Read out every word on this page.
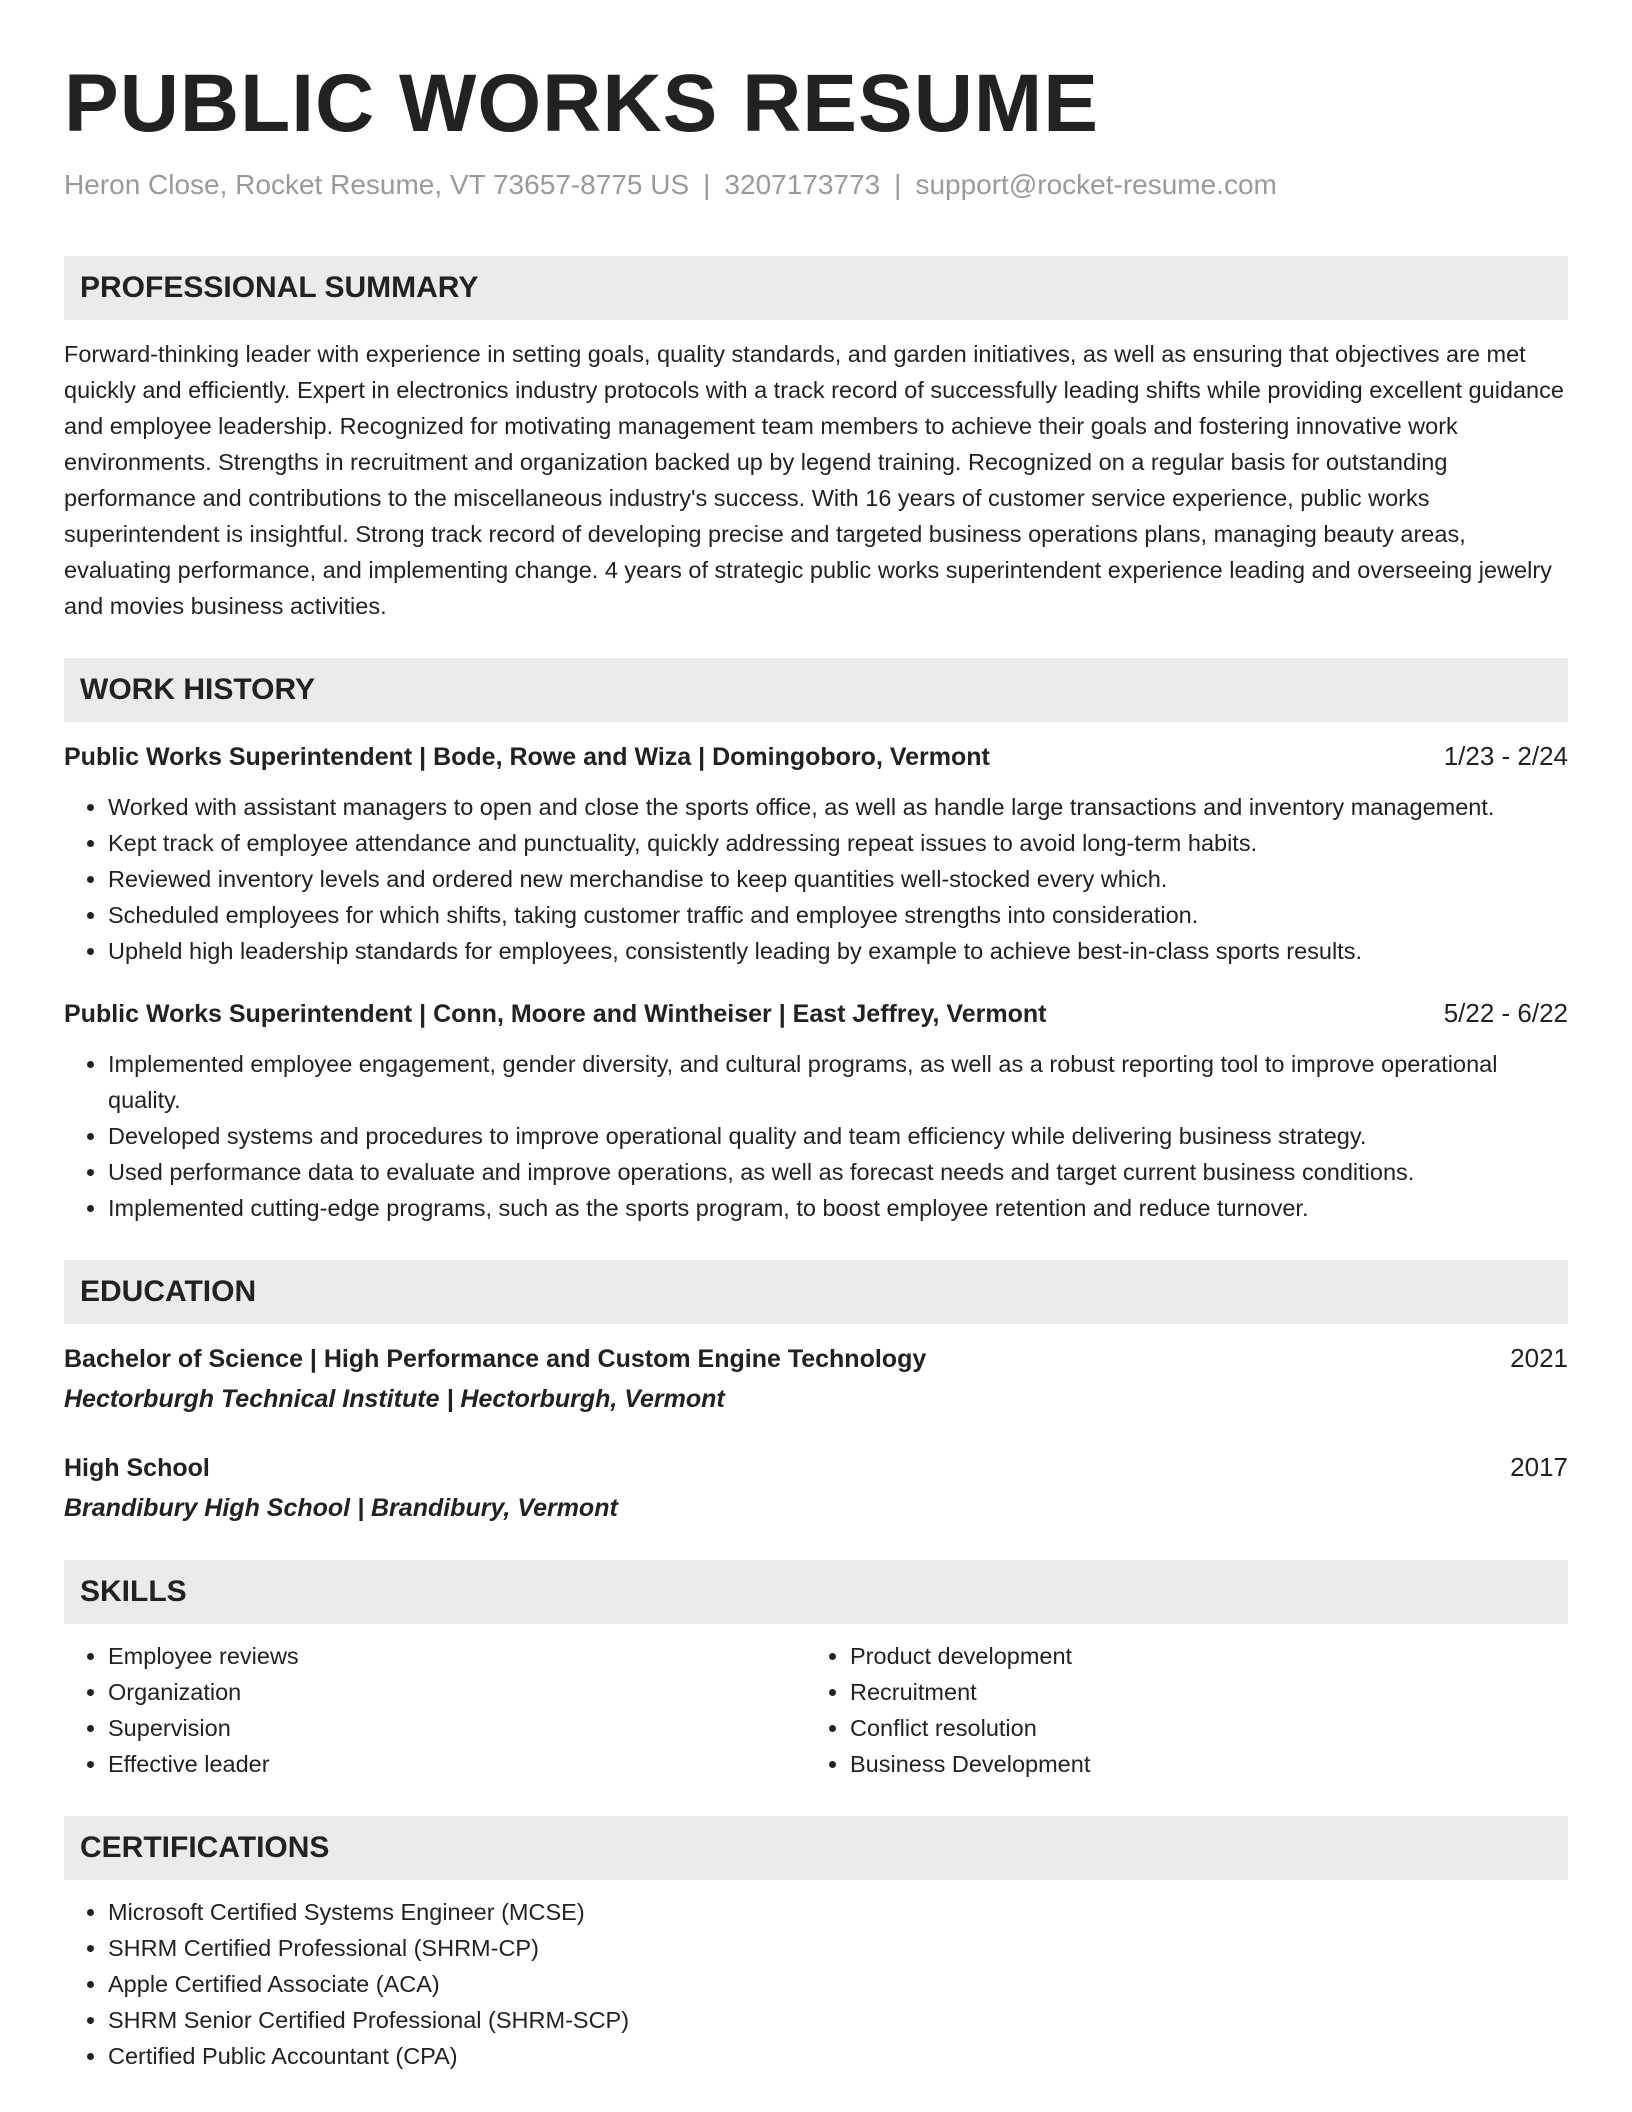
PUBLIC WORKS RESUME
Heron Close, Rocket Resume, VT 73657-8775 US | 3207173773 | support@rocket-resume.com
PROFESSIONAL SUMMARY
Forward-thinking leader with experience in setting goals, quality standards, and garden initiatives, as well as ensuring that objectives are met quickly and efficiently. Expert in electronics industry protocols with a track record of successfully leading shifts while providing excellent guidance and employee leadership. Recognized for motivating management team members to achieve their goals and fostering innovative work environments. Strengths in recruitment and organization backed up by legend training. Recognized on a regular basis for outstanding performance and contributions to the miscellaneous industry's success. With 16 years of customer service experience, public works superintendent is insightful. Strong track record of developing precise and targeted business operations plans, managing beauty areas, evaluating performance, and implementing change. 4 years of strategic public works superintendent experience leading and overseeing jewelry and movies business activities.
WORK HISTORY
Public Works Superintendent | Bode, Rowe and Wiza | Domingoboro, Vermont	1/23 - 2/24
• Worked with assistant managers to open and close the sports office, as well as handle large transactions and inventory management.
• Kept track of employee attendance and punctuality, quickly addressing repeat issues to avoid long-term habits.
• Reviewed inventory levels and ordered new merchandise to keep quantities well-stocked every which.
• Scheduled employees for which shifts, taking customer traffic and employee strengths into consideration.
• Upheld high leadership standards for employees, consistently leading by example to achieve best-in-class sports results.
Public Works Superintendent | Conn, Moore and Wintheiser | East Jeffrey, Vermont	5/22 - 6/22
• Implemented employee engagement, gender diversity, and cultural programs, as well as a robust reporting tool to improve operational quality.
• Developed systems and procedures to improve operational quality and team efficiency while delivering business strategy.
• Used performance data to evaluate and improve operations, as well as forecast needs and target current business conditions.
• Implemented cutting-edge programs, such as the sports program, to boost employee retention and reduce turnover.
EDUCATION
Bachelor of Science | High Performance and Custom Engine Technology	2021
Hectorburgh Technical Institute | Hectorburgh, Vermont
High School	2017
Brandibury High School | Brandibury, Vermont
SKILLS
• Employee reviews
• Organization
• Supervision
• Effective leader
• Product development
• Recruitment
• Conflict resolution
• Business Development
CERTIFICATIONS
• Microsoft Certified Systems Engineer (MCSE)
• SHRM Certified Professional (SHRM-CP)
• Apple Certified Associate (ACA)
• SHRM Senior Certified Professional (SHRM-SCP)
• Certified Public Accountant (CPA)
